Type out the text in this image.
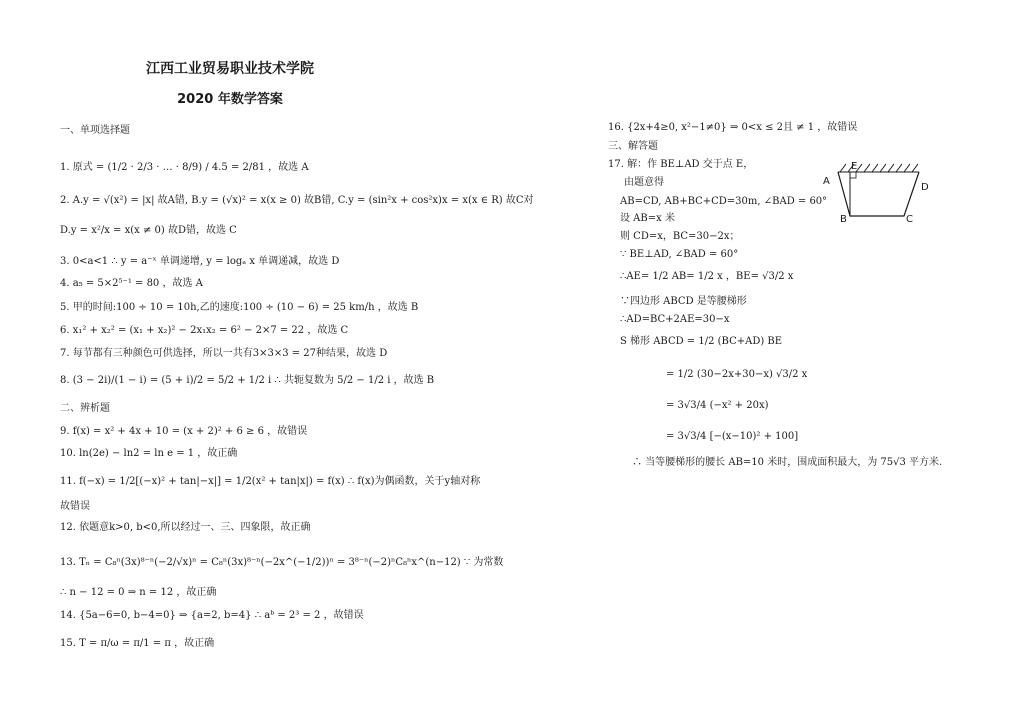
江西工业贸易职业技术学院
2020 年数学答案
一、单项选择题
1. 原式 = (1/2 · 2/3 · … · 8/9) / 4.5 = 2/81 ，故选 A
2. A.y = √(x²) = |x| 故A错, B.y = (√x)² = x(x ≥ 0) 故B错, C.y = (sin²x + cos²x)x = x(x ∈ R) 故C对
D.y = x²/x = x(x ≠ 0) 故D错，故选 C
3. 0<a<1 ∴ y = a⁻ˣ 单调递增, y = logₐ x 单调递减，故选 D
4. a₅ = 5×2⁵⁻¹ = 80 ，故选 A
5. 甲的时间:100 ÷ 10 = 10h,乙的速度:100 ÷ (10 − 6) = 25 km/h ，故选 B
6. x₁² + x₂² = (x₁ + x₂)² − 2x₁x₂ = 6² − 2×7 = 22 ，故选 C
7. 每节都有三种颜色可供选择，所以一共有3×3×3 = 27种结果，故选 D
8. (3 − 2i)/(1 − i) = (5 + i)/2 = 5/2 + 1/2 i ∴ 共轭复数为 5/2 − 1/2 i ，故选 B
二、辨析题
9. f(x) = x² + 4x + 10 = (x + 2)² + 6 ≥ 6 ，故错误
10. ln(2e) − ln2 = ln e = 1 ，故正确
11. f(−x) = 1/2[(−x)² + tan|−x|] = 1/2(x² + tan|x|) = f(x) ∴ f(x)为偶函数，关于y轴对称
故错误
12. 依题意k>0, b<0,所以经过一、三、四象限，故正确
13. Tₙ = C₈ⁿ(3x)⁸⁻ⁿ(−2/√x)ⁿ = C₈ⁿ(3x)⁸⁻ⁿ(−2x^(−1/2))ⁿ = 3⁸⁻ⁿ(−2)ⁿC₈ⁿx^(n−12) ∵ 为常数
∴ n − 12 = 0 ⇒ n = 12 ，故正确
14. {5a−6=0, b−4=0} ⇒ {a=2, b=4} ∴ aᵇ = 2³ = 2 ，故错误
15. T = π/ω = π/1 = π ，故正确
16. {2x+4≥0, x²−1≠0} ⇒ 0<x ≤ 2且 ≠ 1 ，故错误
三、解答题
17. 解：作 BE⊥AD 交于点 E，
由题意得
AB=CD, AB+BC+CD=30m, ∠BAD = 60°
设 AB=x 米
则 CD=x，BC=30−2x；
∵ BE⊥AD, ∠BAD = 60°
∴AE= 1/2 AB= 1/2 x ，BE= √3/2 x
∵四边形 ABCD 是等腰梯形
∴AD=BC+2AE=30−x
S 梯形 ABCD = 1/2 (BC+AD) BE
= 1/2 (30−2x+30−x) √3/2 x
= 3√3/4 (−x² + 20x)
= 3√3/4 [−(x−10)² + 100]
∴ 当等腰梯形的腰长 AB=10 米时，围成面积最大，为 75√3 平方米.
A
E
D
B	C
